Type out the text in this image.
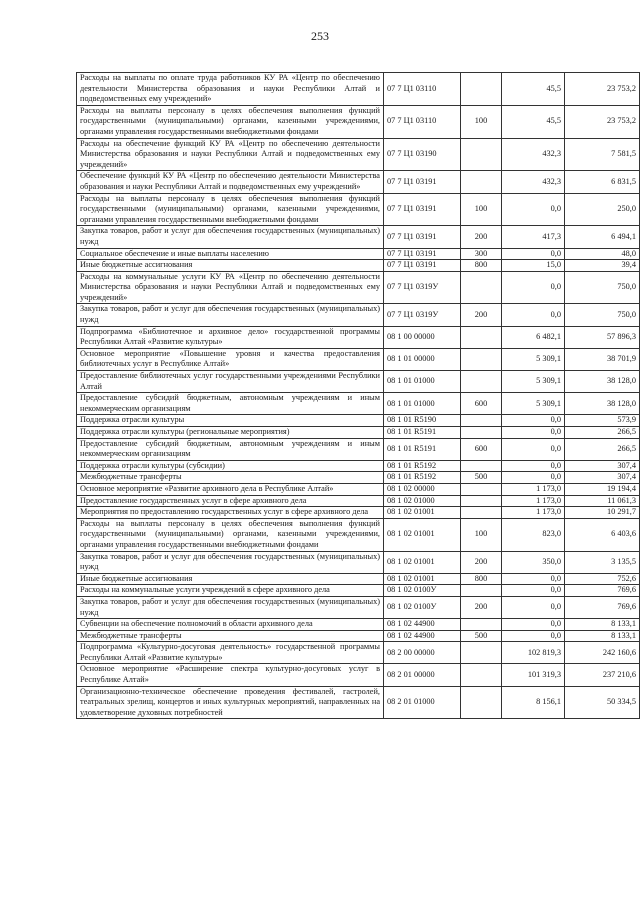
253
Расходы на выплаты по оплате труда работников КУ РА «Центр по обеспечению деятельности Министерства образования и науки Республики Алтай и подведомственных ему учреждений»	07 7 Ц1 03110		45,5	23 753,2
Расходы на выплаты персоналу в целях обеспечения выполнения функций государственными (муниципальными) органами, казенными учреждениями, органами управления государственными внебюджетными фондами	07 7 Ц1 03110	100	45,5	23 753,2
Расходы на обеспечение функций КУ РА «Центр по обеспечению деятельности Министерства образования и науки Республики Алтай и подведомственных ему учреждений»	07 7 Ц1 03190		432,3	7 581,5
Обеспечение функций КУ РА «Центр по обеспечению деятельности Министерства образования и науки Республики Алтай и подведомственных ему учреждений»	07 7 Ц1 03191		432,3	6 831,5
Расходы на выплаты персоналу в целях обеспечения выполнения функций государственными (муниципальными) органами, казенными учреждениями, органами управления государственными внебюджетными фондами	07 7 Ц1 03191	100	0,0	250,0
Закупка товаров, работ и услуг для обеспечения государственных (муниципальных) нужд	07 7 Ц1 03191	200	417,3	6 494,1
Социальное обеспечение и иные выплаты населению	07 7 Ц1 03191	300	0,0	48,0
Иные бюджетные ассигнования	07 7 Ц1 03191	800	15,0	39,4
Расходы на коммунальные услуги КУ РА «Центр по обеспечению деятельности Министерства образования и науки Республики Алтай и подведомственных ему учреждений»	07 7 Ц1 0319У		0,0	750,0
Закупка товаров, работ и услуг для обеспечения государственных (муниципальных) нужд	07 7 Ц1 0319У	200	0,0	750,0
Подпрограмма «Библиотечное и архивное дело» государственной программы Республики Алтай «Развитие культуры»	08 1 00 00000		6 482,1	57 896,3
Основное мероприятие «Повышение уровня и качества предоставления библиотечных услуг в Республике Алтай»	08 1 01 00000		5 309,1	38 701,9
Предоставление библиотечных услуг государственными учреждениями Республики Алтай	08 1 01 01000		5 309,1	38 128,0
Предоставление субсидий бюджетным, автономным учреждениям и иным некоммерческим организациям	08 1 01 01000	600	5 309,1	38 128,0
Поддержка отрасли культуры	08 1 01 R5190		0,0	573,9
Поддержка отрасли культуры (региональные мероприятия)	08 1 01 R5191		0,0	266,5
Предоставление субсидий бюджетным, автономным учреждениям и иным некоммерческим организациям	08 1 01 R5191	600	0,0	266,5
Поддержка отрасли культуры (субсидии)	08 1 01 R5192		0,0	307,4
Межбюджетные трансферты	08 1 01 R5192	500	0,0	307,4
Основное мероприятие «Развитие архивного дела в Республике Алтай»	08 1 02 00000		1 173,0	19 194,4
Предоставление государственных услуг в сфере архивного дела	08 1 02 01000		1 173,0	11 061,3
Мероприятия по предоставлению государственных услуг в сфере архивного дела	08 1 02 01001		1 173,0	10 291,7
Расходы на выплаты персоналу в целях обеспечения выполнения функций государственными (муниципальными) органами, казенными учреждениями, органами управления государственными внебюджетными фондами	08 1 02 01001	100	823,0	6 403,6
Закупка товаров, работ и услуг для обеспечения государственных (муниципальных) нужд	08 1 02 01001	200	350,0	3 135,5
Иные бюджетные ассигнования	08 1 02 01001	800	0,0	752,6
Расходы на коммунальные услуги учреждений в сфере архивного дела	08 1 02 0100У		0,0	769,6
Закупка товаров, работ и услуг для обеспечения государственных (муниципальных) нужд	08 1 02 0100У	200	0,0	769,6
Субвенции на обеспечение полномочий в области архивного дела	08 1 02 44900		0,0	8 133,1
Межбюджетные трансферты	08 1 02 44900	500	0,0	8 133,1
Подпрограмма «Культурно-досуговая деятельность» государственной программы Республики Алтай «Развитие культуры»	08 2 00 00000		102 819,3	242 160,6
Основное мероприятие «Расширение спектра культурно-досуговых услуг в Республике Алтай»	08 2 01 00000		101 319,3	237 210,6
Организационно-техническое обеспечение проведения фестивалей, гастролей, театральных зрелищ, концертов и иных культурных мероприятий, направленных на удовлетворение духовных потребностей	08 2 01 01000		8 156,1	50 334,5
